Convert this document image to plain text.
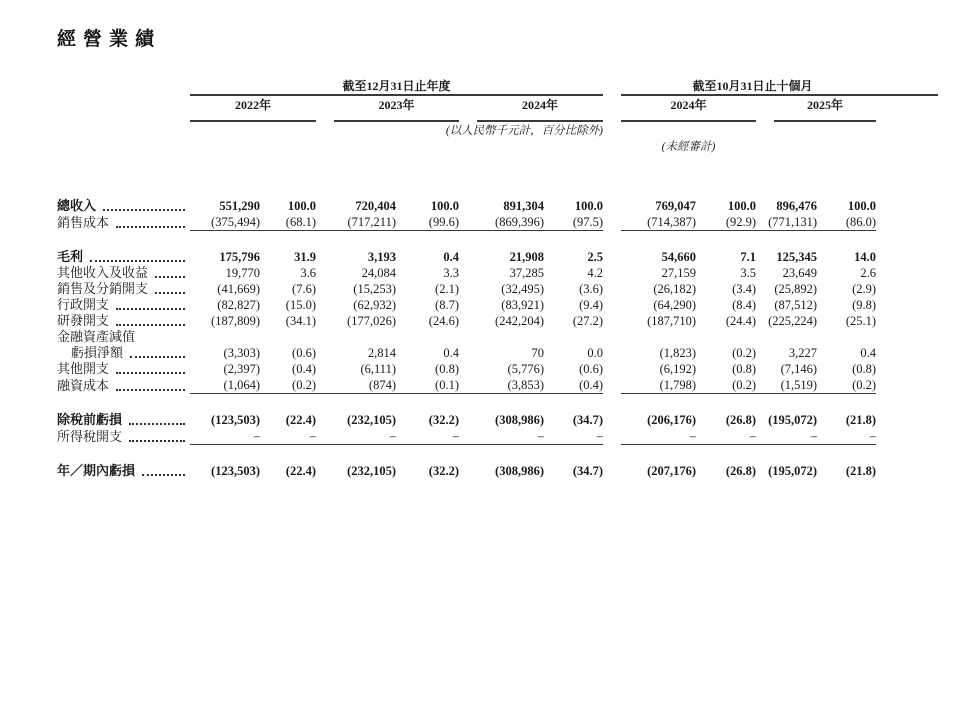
經營業績
	截至12月31日止年度							截至10月31日止十個月				

	2022年		2023年		2024年			2024年		2025年		

	(以人民幣千元計，百分比除外)											
								(未經審計)				

總收入	551,290	100.0	720,404	100.0	891,304	100.0		769,047	100.0	896,476	100.0	

銷售成本	(375,494)	(68.1)	(717,211)	(99.6)	(869,396)	(97.5)		(714,387)	(92.9)	(771,131)	(86.0)	

毛利	175,796	31.9	3,193	0.4	21,908	2.5		54,660	7.1	125,345	14.0	

其他收入及收益	19,770	3.6	24,084	3.3	37,285	4.2		27,159	3.5	23,649	2.6	

銷售及分銷開支	(41,669)	(7.6)	(15,253)	(2.1)	(32,495)	(3.6)		(26,182)	(3.4)	(25,892)	(2.9)	

行政開支	(82,827)	(15.0)	(62,932)	(8.7)	(83,921)	(9.4)		(64,290)	(8.4)	(87,512)	(9.8)	

研發開支	(187,809)	(34.1)	(177,026)	(24.6)	(242,204)	(27.2)		(187,710)	(24.4)	(225,224)	(25.1)	

金融資產減值												

虧損淨額	(3,303)	(0.6)	2,814	0.4	70	0.0		(1,823)	(0.2)	3,227	0.4	

其他開支	(2,397)	(0.4)	(6,111)	(0.8)	(5,776)	(0.6)		(6,192)	(0.8)	(7,146)	(0.8)	

融資成本	(1,064)	(0.2)	(874)	(0.1)	(3,853)	(0.4)		(1,798)	(0.2)	(1,519)	(0.2)	

除稅前虧損	(123,503)	(22.4)	(232,105)	(32.2)	(308,986)	(34.7)		(206,176)	(26.8)	(195,072)	(21.8)	

所得稅開支	–	–	–	–	–	–		–	–	–	–	

年／期內虧損	(123,503)	(22.4)	(232,105)	(32.2)	(308,986)	(34.7)		(207,176)	(26.8)	(195,072)	(21.8)	
